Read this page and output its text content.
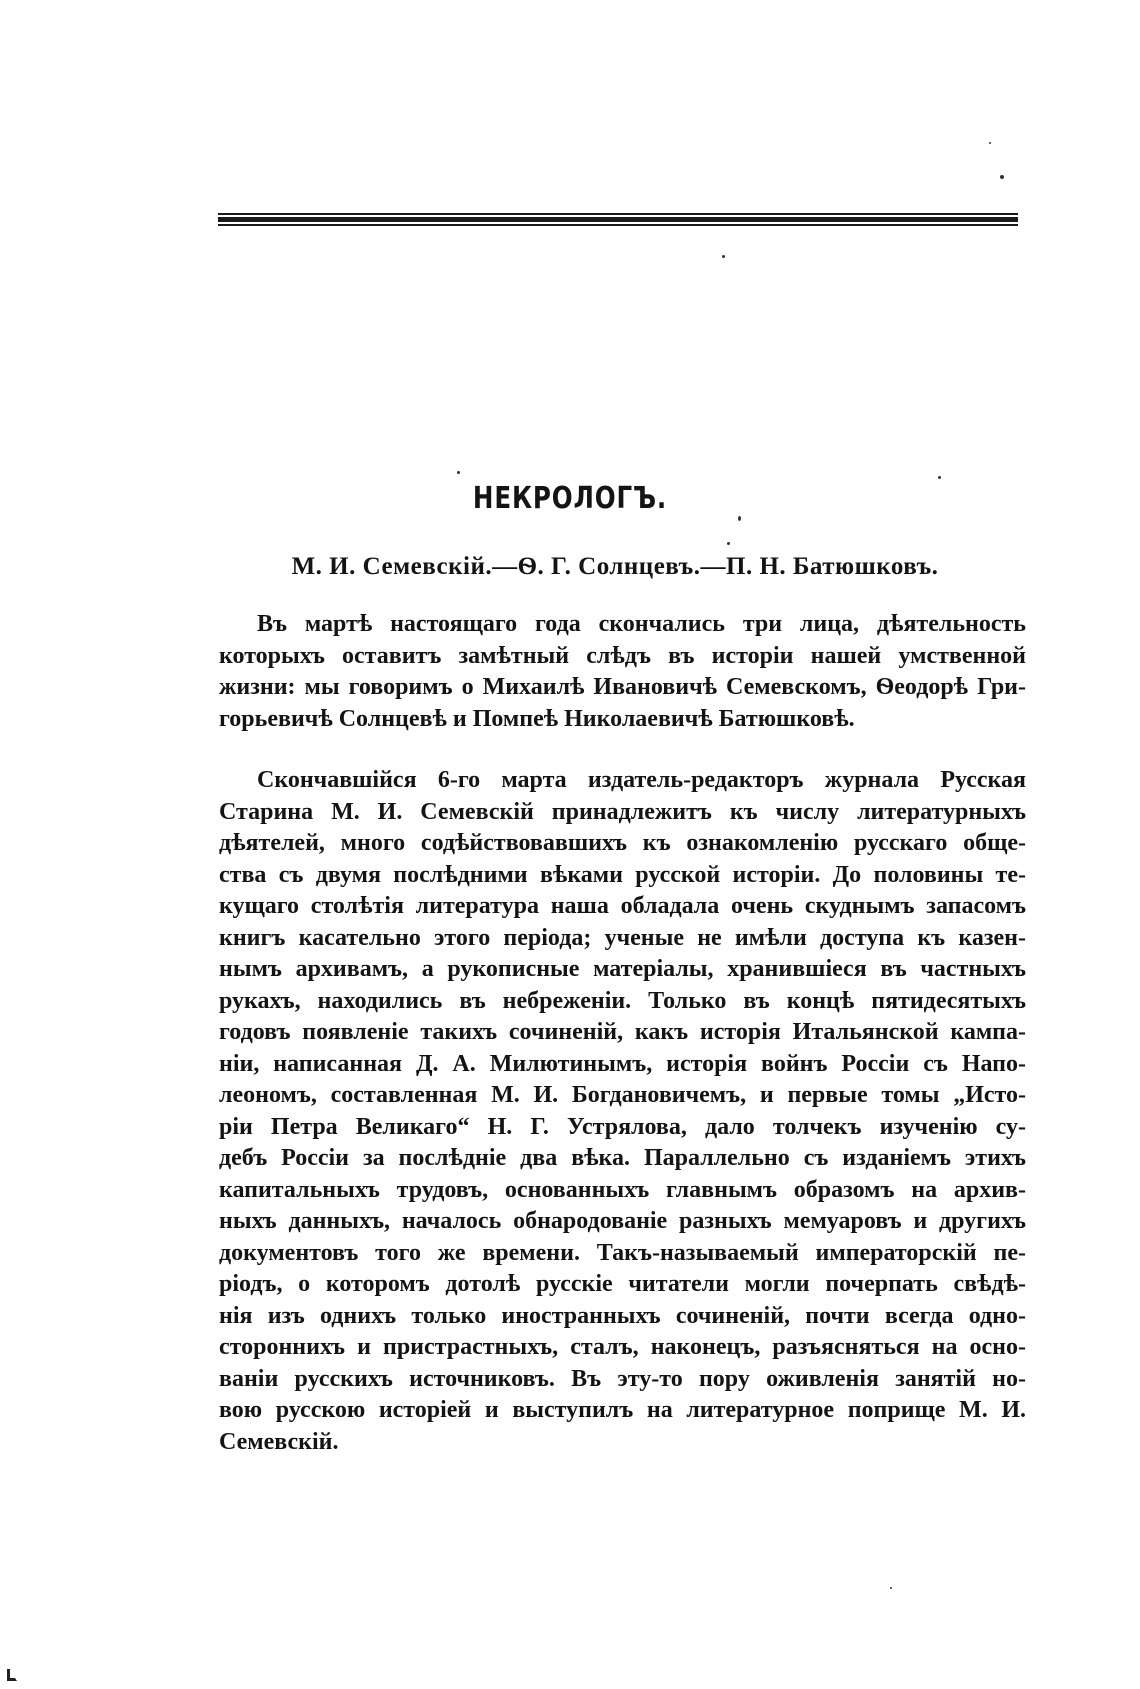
НЕКРОЛОГЪ.
М. И. Семевскій.—Ѳ. Г. Солнцевъ.—П. Н. Батюшковъ.
Въ мартѣ настоящаго года скончались три лица, дѣятельность
которыхъ оставитъ замѣтный слѣдъ въ исторіи нашей умственной
жизни: мы говоримъ о Михаилѣ Ивановичѣ Семевскомъ, Ѳеодорѣ Гри-
горьевичѣ Солнцевѣ и Помпеѣ Николаевичѣ Батюшковѣ.
Скончавшійся 6-го марта издатель-редакторъ журнала Русская
Старина М. И. Семевскій принадлежитъ къ числу литературныхъ
дѣятелей, много содѣйствовавшихъ къ ознакомленію русскаго обще-
ства съ двумя послѣдними вѣками русской исторіи. До половины те-
кущаго столѣтія литература наша обладала очень скуднымъ запасомъ
книгъ касательно этого періода; ученые не имѣли доступа къ казен-
нымъ архивамъ, а рукописные матеріалы, хранившіеся въ частныхъ
рукахъ, находились въ небреженіи. Только въ концѣ пятидесятыхъ
годовъ появленіе такихъ сочиненій, какъ исторія Итальянской кампа-
ніи, написанная Д. А. Милютинымъ, исторія войнъ Россіи съ Напо-
леономъ, составленная М. И. Богдановичемъ, и первые томы „Исто-
ріи Петра Великаго“ Н. Г. Устрялова, дало толчекъ изученію су-
дебъ Россіи за послѣдніе два вѣка. Параллельно съ изданіемъ этихъ
капитальныхъ трудовъ, основанныхъ главнымъ образомъ на архив-
ныхъ данныхъ, началось обнародованіе разныхъ мемуаровъ и другихъ
документовъ того же времени. Такъ-называемый императорскій пе-
ріодъ, о которомъ дотолѣ русскіе читатели могли почерпать свѣдѣ-
нія изъ однихъ только иностранныхъ сочиненій, почти всегда одно-
стороннихъ и пристрастныхъ, сталъ, наконецъ, разъясняться на осно-
ваніи русскихъ источниковъ. Въ эту-то пору оживленія занятій но-
вою русскою исторіей и выступилъ на литературное поприще М. И.
Семевскій.
